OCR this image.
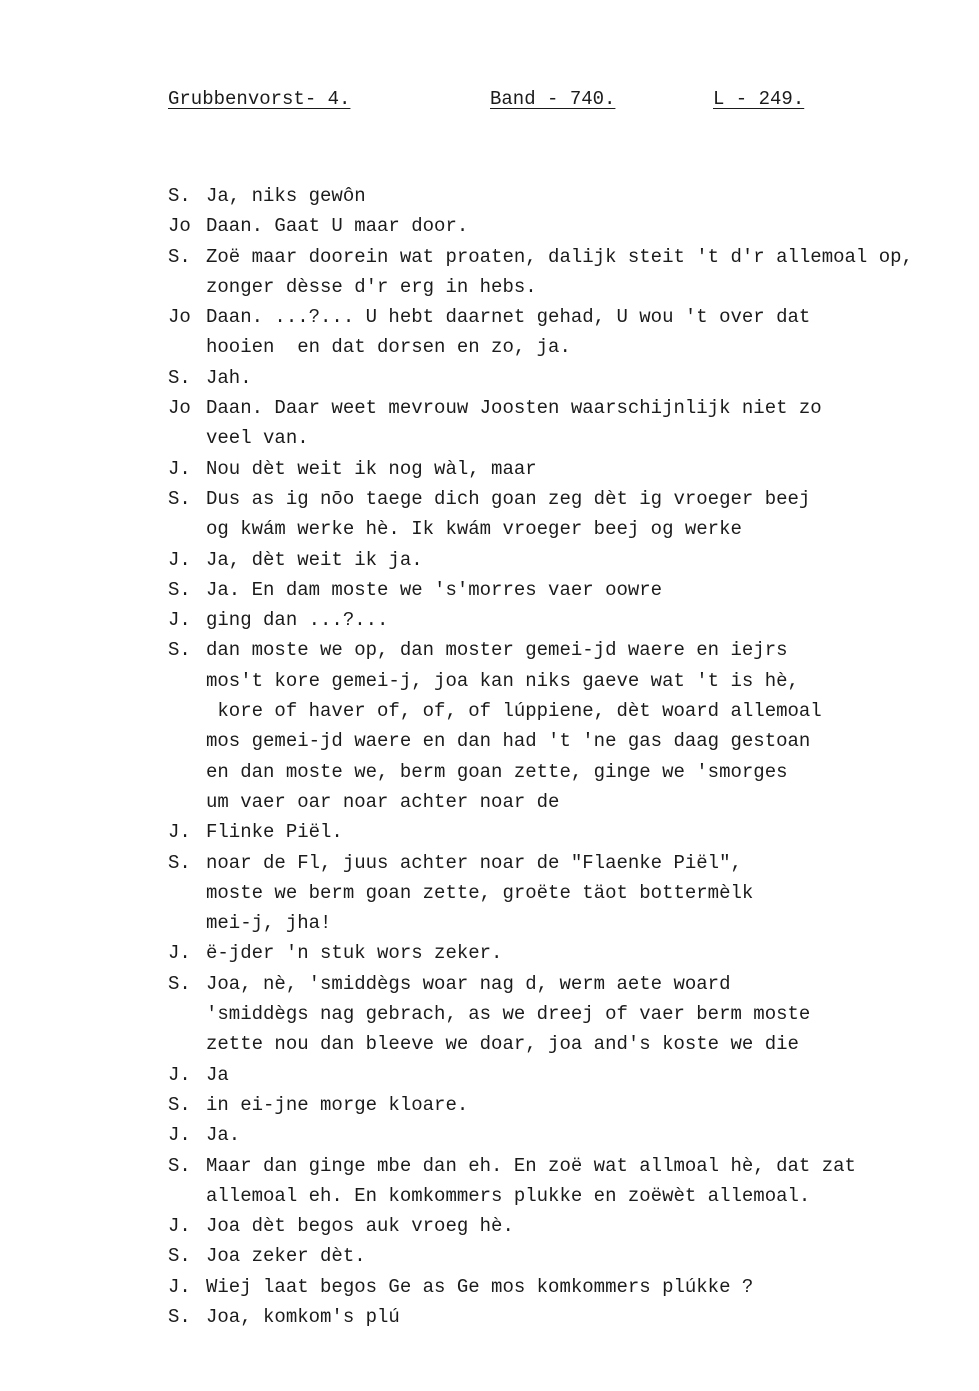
Grubbenvorst- 4.	Band - 740.	L - 249.
S. Ja, niks gewôn
Jo Daan. Gaat U maar door.
S. Zoë maar doorein wat proaten, dalijk steit 't d'r allemoal op,
zonger dèsse d'r erg in hebs.
Jo Daan. ...?... U hebt daarnet gehad, U wou 't over dat
hooien  en dat dorsen en zo, ja.
S. Jah.
Jo Daan. Daar weet mevrouw Joosten waarschijnlijk niet zo
veel van.
J. Nou dèt weit ik nog wàl, maar
S. Dus as ig nōo taege dich goan zeg dèt ig vroeger beej
og kwám werke hè. Ik kwám vroeger beej og werke
J. Ja, dèt weit ik ja.
S. Ja. En dam moste we 's'morres vaer oowre
J. ging dan ...?...
S. dan moste we op, dan moster gemei-jd waere en iejrs
mos't kore gemei-j, joa kan niks gaeve wat 't is hè,
kore of haver of, of, of lúppiene, dèt woard allemoal
mos gemei-jd waere en dan had 't 'ne gas daag gestoan
en dan moste we, berm goan zette, ginge we 'smorges
um vaer oar noar achter noar de
J. Flinke Piël.
S. noar de Fl, juus achter noar de "Flaenke Piël",
moste we berm goan zette, groëte täot bottermèlk
mei-j, jha!
J. ë-jder 'n stuk wors zeker.
S. Joa, nè, 'smiddègs woar nag d, werm aete woard
'smiddègs nag gebrach, as we dreej of vaer berm moste
zette nou dan bleeve we doar, joa and's koste we die
J. Ja
S. in ei-jne morge kloare.
J. Ja.
S. Maar dan ginge mbe dan eh. En zoë wat allmoal hè, dat zat
allemoal eh. En komkommers plukke en zoëwèt allemoal.
J. Joa dèt begos auk vroeg hè.
S. Joa zeker dèt.
J. Wiej laat begos Ge as Ge mos komkommers plúkke ?
S. Joa, komkom's plú
